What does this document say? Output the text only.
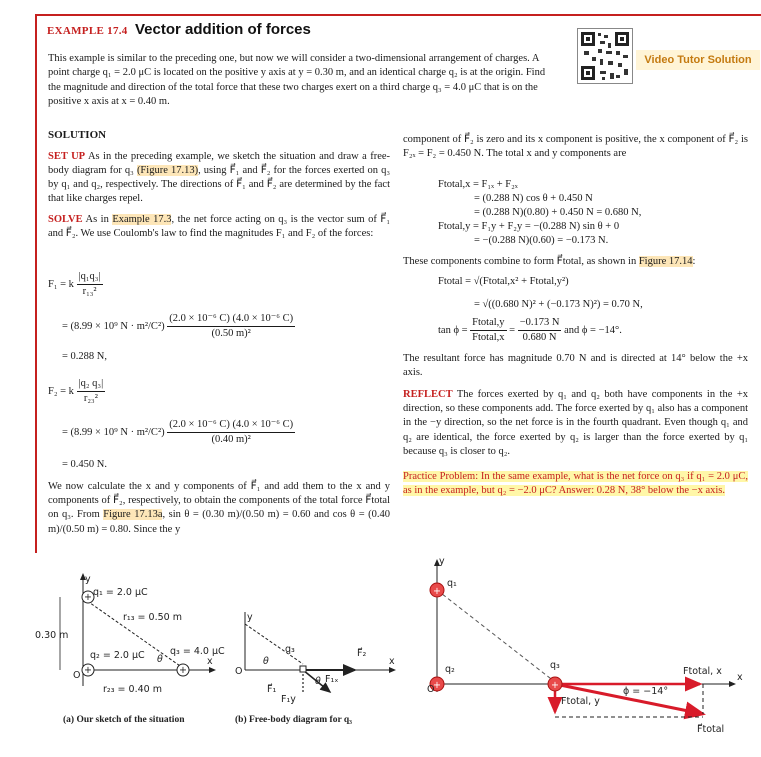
EXAMPLE 17.4 Vector addition of forces
Video Tutor Solution
This example is similar to the preceding one, but now we will consider a two-dimensional arrangement of charges. A point charge q₁ = 2.0 μC is located on the positive y axis at y = 0.30 m, and an identical charge q₂ is at the origin. Find the magnitude and direction of the total force that these two charges exert on a third charge q₃ = 4.0 μC that is on the positive x axis at x = 0.40 m.
SOLUTION

SET UP As in the preceding example, we sketch the situation and draw a free-body diagram for q₃ (Figure 17.13), using F⃗₁ and F⃗₂ for the forces exerted on q₃ by q₁ and q₂, respectively. The directions of F⃗₁ and F⃗₂ are determined by the fact that like charges repel.

SOLVE As in Example 17.3, the net force acting on q₃ is the vector sum of F⃗₁ and F⃗₂. We use Coulomb's law to find the magnitudes F₁ and F₂ of the forces:

F₁ = k $\frac{\text{|q₁q₃|}}{\text{r₁₃²}}$
= (8.99 × 10⁹ $N \cdot m^2/C^2) \frac{\text{(2.0 × 10⁻⁶ C) (4.0 × 10⁻⁶ C)}}{\text{(0.50 m)²}}$
= 0.288 N,
F₂ = k $\frac{\text{|q₂ q₃|}}{\text{r₂₃²}}$
= (8.99 × 10⁹ $N \cdot m^2/C^2) \frac{\text{(2.0 × 10⁻⁶ C) (4.0 × 10⁻⁶ C)}}{\text{(0.40 m)²}}$
= 0.450 N.

We now calculate the x and y components of F⃗₁ and add them to the x and y components of F⃗₂, respectively, to obtain the components of the total force F⃗total on q₃. From Figure 17.13a, sin θ = (0.30 m)/(0.50 m) = 0.60 and cos θ = (0.40 m)/(0.50 m) = 0.80. Since the y

component of F⃗₂ is zero and its x component is positive, the x component of F⃗₂ is F₂ₓ = F₂ = 0.450 N. The total x and y components are

Ftotal,x = F₁ₓ + F₂ₓ
= (0.288 N) cos θ + 0.450 N
= (0.288 N)(0.80) + 0.450 N = 0.680 N,
Ftotal,y = F₁y + F₂y = −(0.288 N) sin θ + 0
= −(0.288 N)(0.60) = −0.173 N.

These components combine to form F⃗total, as shown in Figure 17.14:

Ftotal = √(Ftotal,x² + Ftotal,y²)
= √((0.680 N)² + (−0.173 N)²) = 0.70 N,
$\tan \phi = \frac{\text{Ftotal,y}}{\text{Ftotal,x}} = \frac{-0.173 N}{0.680 N}$ and ϕ = −14°.

The resultant force has magnitude 0.70 N and is directed at 14° below the +x axis.

REFLECT The forces exerted by q₁ and q₂ both have components in the +x direction, so these components add. The force exerted by q₁ also has a component in the −y direction, so the net force is in the fourth quadrant. Even though q₁ and q₂ are identical, the force exerted by q₂ is larger than the force exerted by q₁ because q₃ is closer to q₂.

Practice Problem: In the same example, what is the net force on q₃ if q₁ = 2.0 μC, as in the example, but q₂ = −2.0 μC? Answer: 0.28 N, 38° below the −x axis.

+
+	+
y
x
q₁ = 2.0 μC
r₁₃ = 0.50 m
0.30 m
q₂ = 2.0 μC	q₃ = 4.0 μC
θ
O
r₂₃ = 0.40 m
(a) Our sketch of the situation
y
x
O
θ
θ
q₃
F⃗₁
F⃗₂
F₁ₓ
F₁y
(b) Free-body diagram for q₃
+
+	+
y
x
O
q₁
q₂	q₃
Ftotal, x
Ftotal, y
F⃗total
ϕ = −14°
